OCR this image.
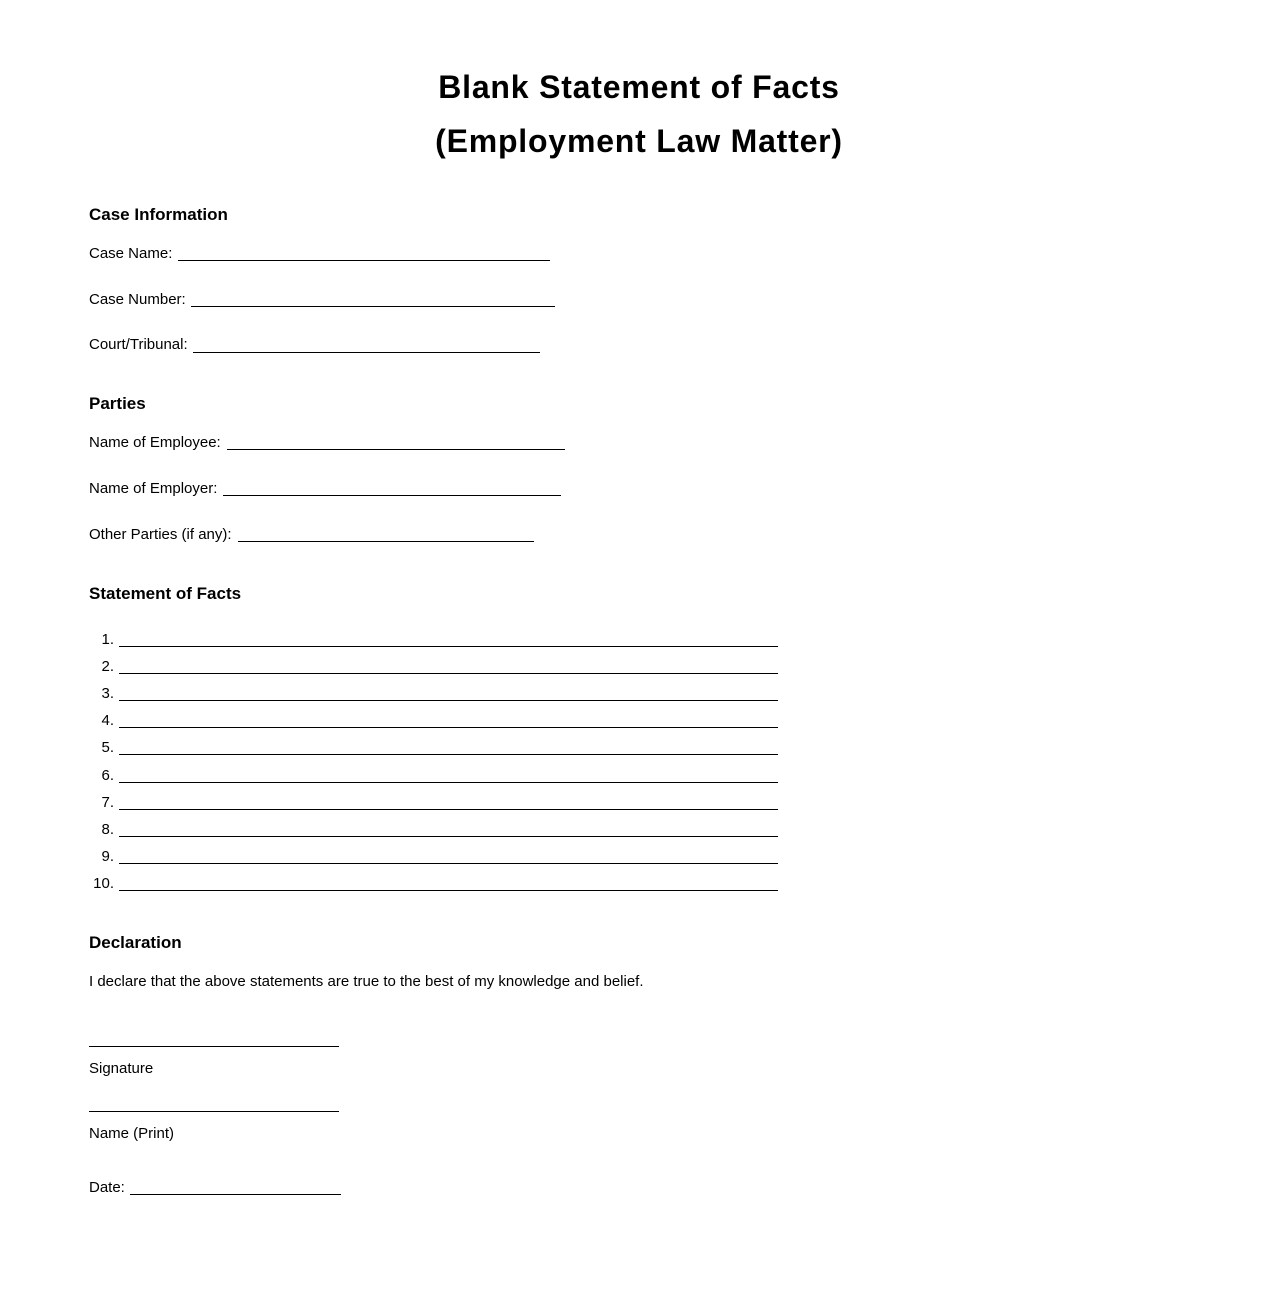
Blank Statement of Facts
(Employment Law Matter)
Case Information
Case Name:
Case Number:
Court/Tribunal:
Parties
Name of Employee:
Name of Employer:
Other Parties (if any):
Statement of Facts
1.
2.
3.
4.
5.
6.
7.
8.
9.
10.
Declaration
I declare that the above statements are true to the best of my knowledge and belief.
Signature
Name (Print)
Date:
